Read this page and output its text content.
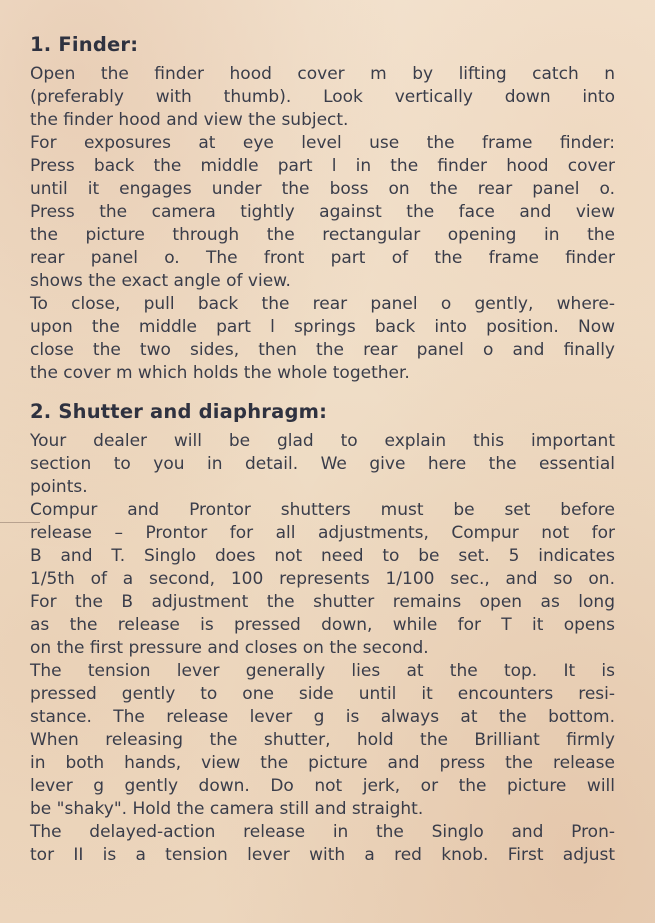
1. Finder:
Open the finder hood cover m by lifting catch n
(preferably with thumb). Look vertically down into
the finder hood and view the subject.
For exposures at eye level use the frame finder:
Press back the middle part l in the finder hood cover
until it engages under the boss on the rear panel o.
Press the camera tightly against the face and view
the picture through the rectangular opening in the
rear panel o. The front part of the frame finder
shows the exact angle of view.
To close, pull back the rear panel o gently, where-
upon the middle part l springs back into position. Now
close the two sides, then the rear panel o and finally
the cover m which holds the whole together.
2. Shutter and diaphragm:
Your dealer will be glad to explain this important
section to you in detail. We give here the essential
points.
Compur and Prontor shutters must be set before
release – Prontor for all adjustments, Compur not for
B and T. Singlo does not need to be set. 5 indicates
1/5th of a second, 100 represents 1/100 sec., and so on.
For the B adjustment the shutter remains open as long
as the release is pressed down, while for T it opens
on the first pressure and closes on the second.
The tension lever generally lies at the top. It is
pressed gently to one side until it encounters resi-
stance. The release lever g is always at the bottom.
When releasing the shutter, hold the Brilliant firmly
in both hands, view the picture and press the release
lever g gently down. Do not jerk, or the picture will
be "shaky". Hold the camera still and straight.
The delayed-action release in the Singlo and Pron-
tor II is a tension lever with a red knob. First adjust
